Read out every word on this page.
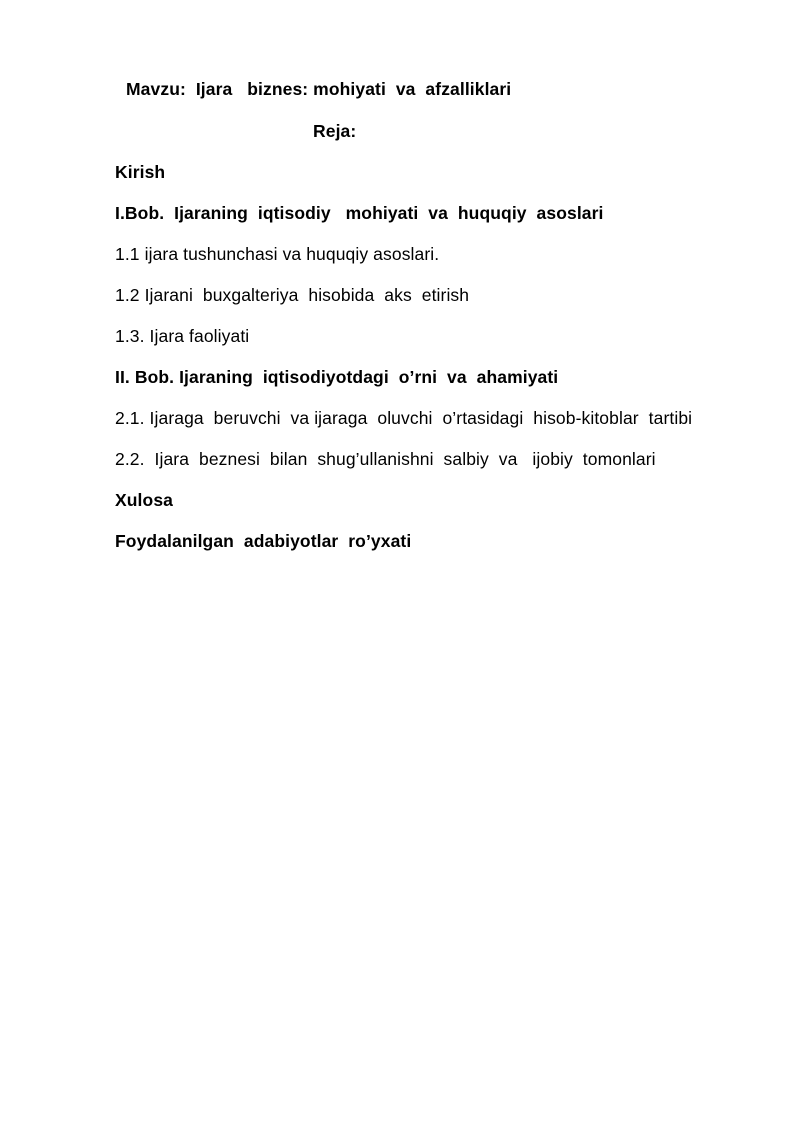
Mavzu:  Ijara   biznes: mohiyati  va  afzalliklari
Reja:
Kirish
I.Bob.  Ijaraning  iqtisodiy   mohiyati  va  huquqiy  asoslari
1.1 ijara tushunchasi va huquqiy asoslari.
1.2 Ijarani  buxgalteriya  hisobida  aks  etirish
1.3. Ijara faoliyati
II. Bob. Ijaraning  iqtisodiyotdagi  o’rni  va  ahamiyati
2.1. Ijaraga  beruvchi  va ijaraga  oluvchi  o’rtasidagi  hisob-kitoblar  tartibi
2.2.  Ijara  beznesi  bilan  shug’ullanishni  salbiy  va   ijobiy  tomonlari
Xulosa
Foydalanilgan  adabiyotlar  ro’yxati
